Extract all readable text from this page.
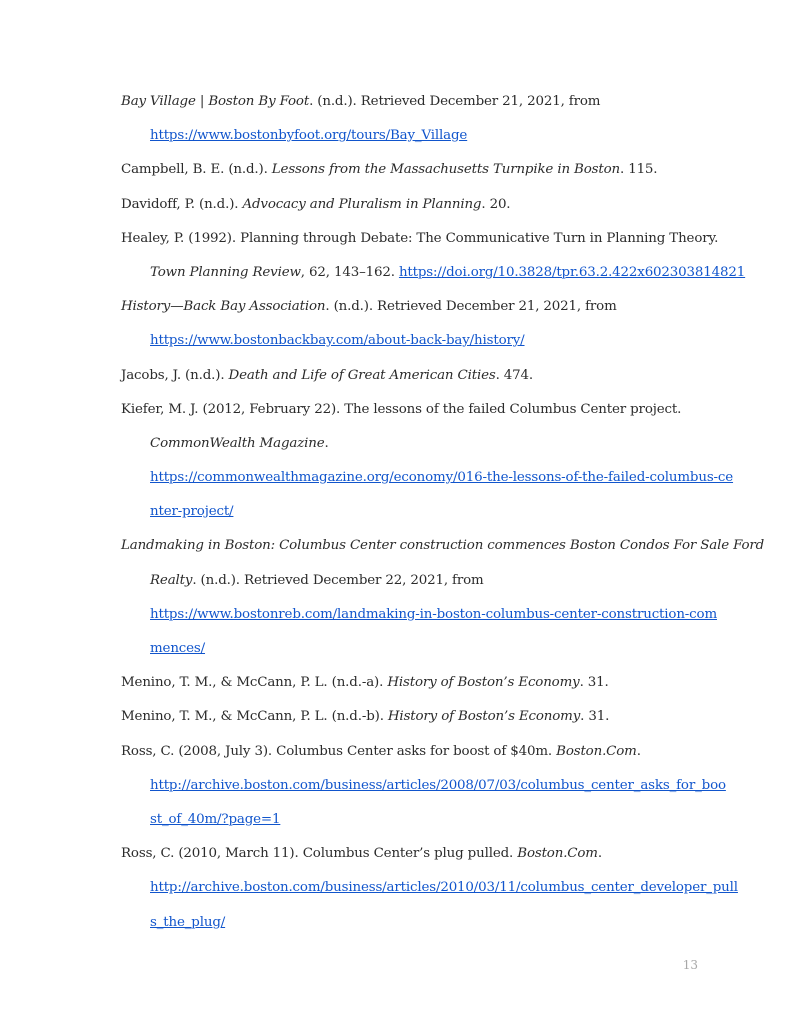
Bay Village | Boston By Foot. (n.d.). Retrieved December 21, 2021, from
https://www.bostonbyfoot.org/tours/Bay_Village
Campbell, B. E. (n.d.). Lessons from the Massachusetts Turnpike in Boston. 115.
Davidoff, P. (n.d.). Advocacy and Pluralism in Planning. 20.
Healey, P. (1992). Planning through Debate: The Communicative Turn in Planning Theory.
Town Planning Review, 62, 143–162. https://doi.org/10.3828/tpr.63.2.422x602303814821
History—Back Bay Association. (n.d.). Retrieved December 21, 2021, from
https://www.bostonbackbay.com/about-back-bay/history/
Jacobs, J. (n.d.). Death and Life of Great American Cities. 474.
Kiefer, M. J. (2012, February 22). The lessons of the failed Columbus Center project.
CommonWealth Magazine.
https://commonwealthmagazine.org/economy/016-the-lessons-of-the-failed-columbus-ce
nter-project/
Landmaking in Boston: Columbus Center construction commences Boston Condos For Sale Ford
Realty. (n.d.). Retrieved December 22, 2021, from
https://www.bostonreb.com/landmaking-in-boston-columbus-center-construction-com
mences/
Menino, T. M., & McCann, P. L. (n.d.-a). History of Boston’s Economy. 31.
Menino, T. M., & McCann, P. L. (n.d.-b). History of Boston’s Economy. 31.
Ross, C. (2008, July 3). Columbus Center asks for boost of $40m. Boston.Com.
http://archive.boston.com/business/articles/2008/07/03/columbus_center_asks_for_boo
st_of_40m/?page=1
Ross, C. (2010, March 11). Columbus Center’s plug pulled. Boston.Com.
http://archive.boston.com/business/articles/2010/03/11/columbus_center_developer_pull
s_the_plug/
13
